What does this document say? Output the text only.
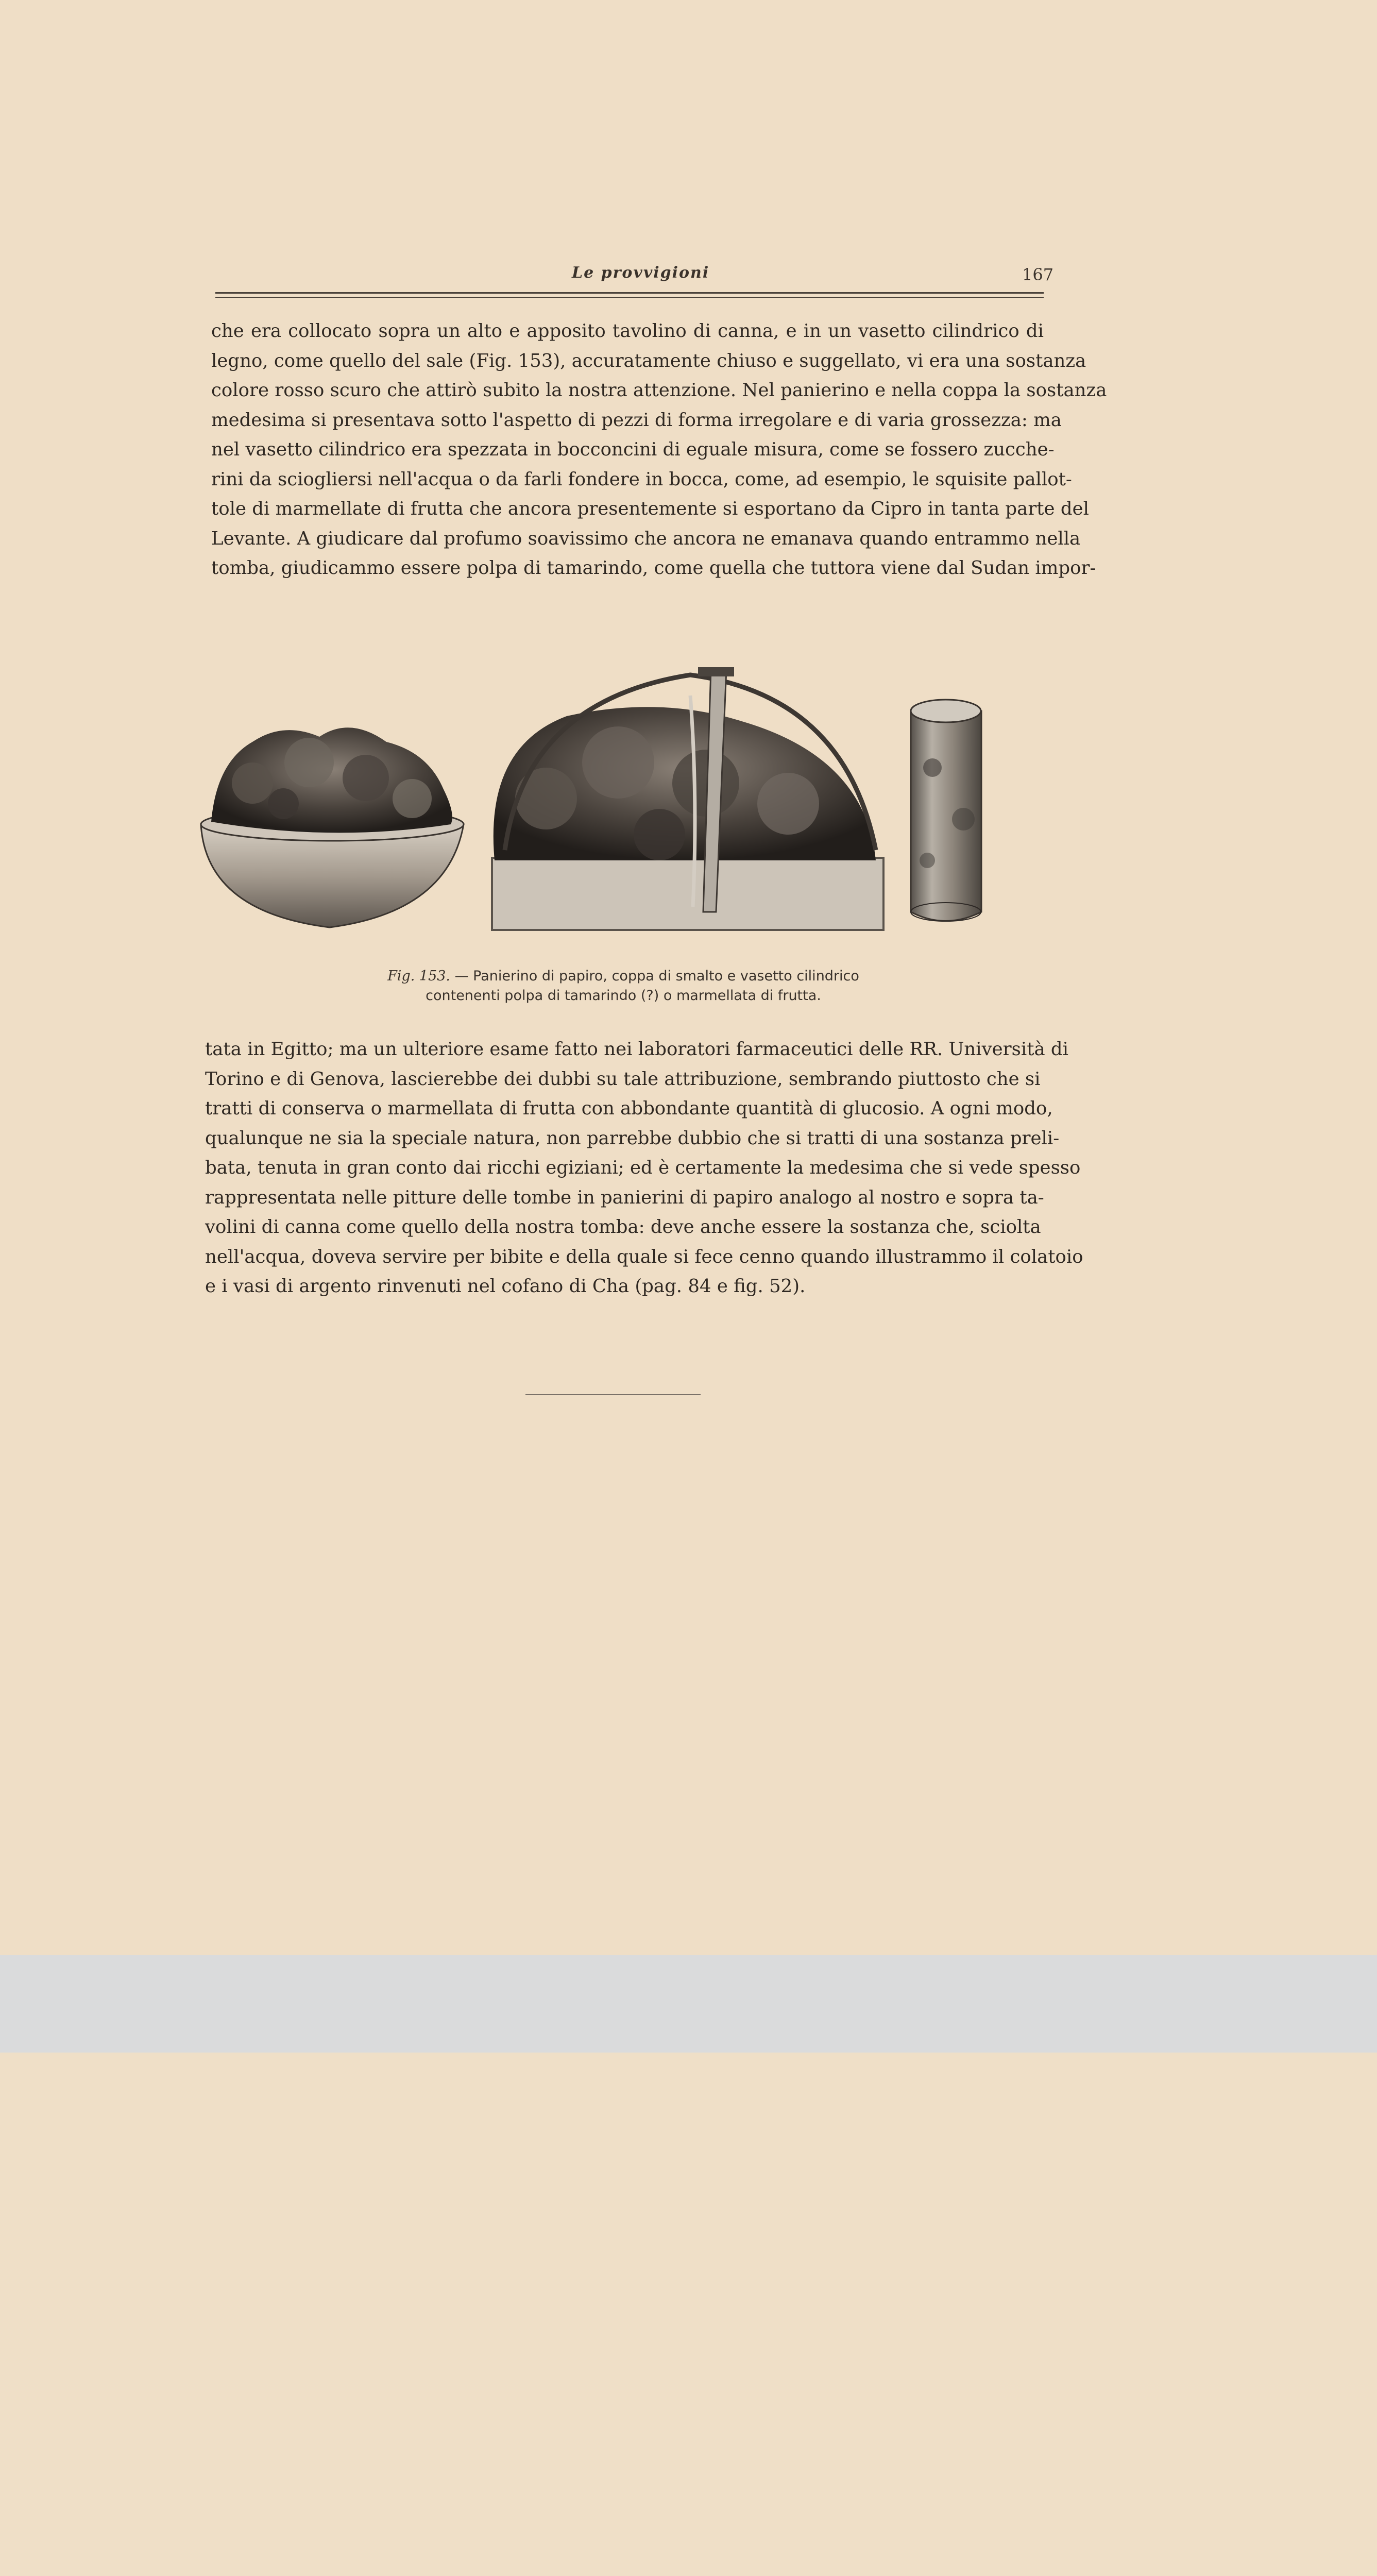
Le provvigioni	167
che era collocato sopra un alto e apposito tavolino di canna, e in un vasetto cilindrico di
legno, come quello del sale (Fig. 153), accuratamente chiuso e suggellato, vi era una sostanza
colore rosso scuro che attirò subito la nostra attenzione. Nel panierino e nella coppa la sostanza
medesima si presentava sotto l'aspetto di pezzi di forma irregolare e di varia grossezza: ma
nel vasetto cilindrico era spezzata in bocconcini di eguale misura, come se fossero zucche-
rini da sciogliersi nell'acqua o da farli fondere in bocca, come, ad esempio, le squisite pallot-
tole di marmellate di frutta che ancora presentemente si esportano da Cipro in tanta parte del
Levante. A giudicare dal profumo soavissimo che ancora ne emanava quando entrammo nella
tomba, giudicammo essere polpa di tamarindo, come quella che tuttora viene dal Sudan impor-
Fig. 153. — Panierino di papiro, coppa di smalto e vasetto cilindrico
contenenti polpa di tamarindo (?) o marmellata di frutta.
tata in Egitto; ma un ulteriore esame fatto nei laboratori farmaceutici delle RR. Università di
Torino e di Genova, lascierebbe dei dubbi su tale attribuzione, sembrando piuttosto che si
tratti di conserva o marmellata di frutta con abbondante quantità di glucosio. A ogni modo,
qualunque ne sia la speciale natura, non parrebbe dubbio che si tratti di una sostanza preli-
bata, tenuta in gran conto dai ricchi egiziani; ed è certamente la medesima che si vede spesso
rappresentata nelle pitture delle tombe in panierini di papiro analogo al nostro e sopra ta-
volini di canna come quello della nostra tomba: deve anche essere la sostanza che, sciolta
nell'acqua, doveva servire per bibite e della quale si fece cenno quando illustrammo il colatoio
e i vasi di argento rinvenuti nel cofano di Cha (pag. 84 e fig. 52).
